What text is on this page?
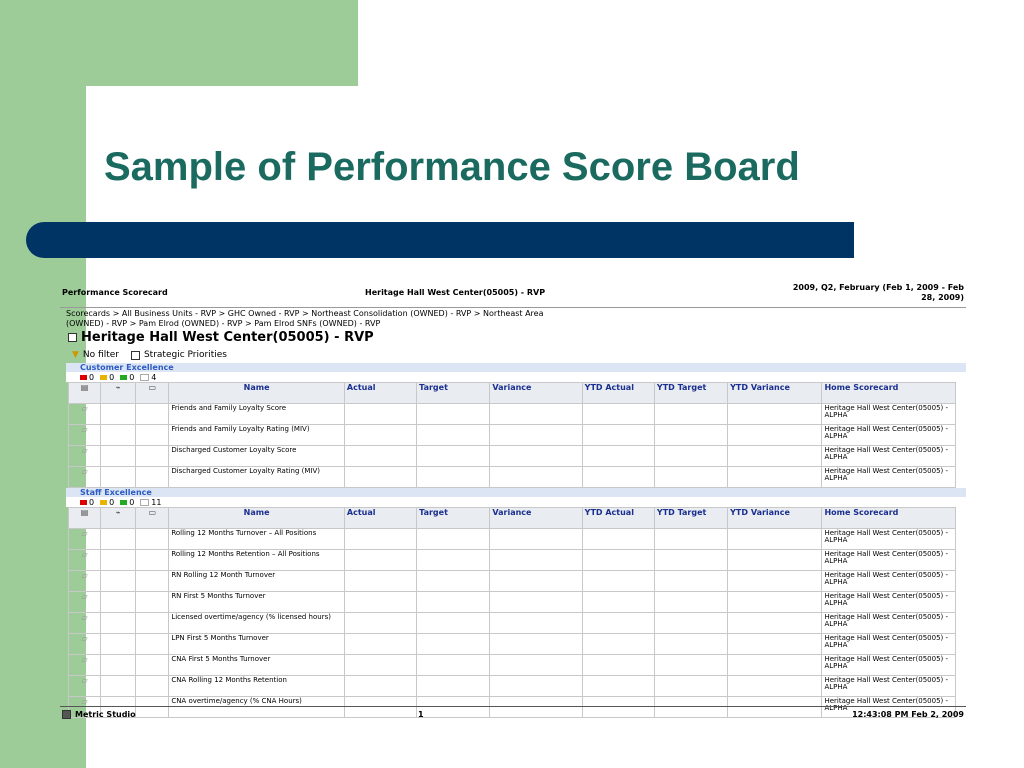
Sample of Performance Score Board
Performance Scorecard	Heritage Hall West Center(05005) - RVP
2009, Q2, February (Feb 1, 2009 - Feb
28, 2009)
Scorecards > All Business Units - RVP > GHC Owned - RVP > Northeast Consolidation (OWNED) - RVP > Northeast Area
(OWNED) - RVP > Pam Elrod (OWNED) - RVP > Pam Elrod SNFs (OWNED) - RVP
Heritage Hall West Center(05005) - RVP
▼ No filter	Strategic Priorities
Customer Excellence
0 0 0 4
▤	⌁	▭	Name	Actual	Target	Variance	YTD Actual	YTD Target	YTD Variance	Home Scorecard
▱			Friends and Family Loyalty Score							Heritage Hall West Center(05005) - ALPHA
▱			Friends and Family Loyalty Rating (MIV)							Heritage Hall West Center(05005) - ALPHA
▱			Discharged Customer Loyalty Score							Heritage Hall West Center(05005) - ALPHA
▱			Discharged Customer Loyalty Rating (MIV)							Heritage Hall West Center(05005) - ALPHA
Staff Excellence
0 0 0 11
▤	⌁	▭	Name	Actual	Target	Variance	YTD Actual	YTD Target	YTD Variance	Home Scorecard
▱			Rolling 12 Months Turnover – All Positions							Heritage Hall West Center(05005) - ALPHA
▱			Rolling 12 Months Retention – All Positions							Heritage Hall West Center(05005) - ALPHA
▱			RN Rolling 12 Month Turnover							Heritage Hall West Center(05005) - ALPHA
▱			RN First 5 Months Turnover							Heritage Hall West Center(05005) - ALPHA
▱			Licensed overtime/agency (% licensed hours)							Heritage Hall West Center(05005) - ALPHA
▱			LPN First 5 Months Turnover							Heritage Hall West Center(05005) - ALPHA
▱			CNA First 5 Months Turnover							Heritage Hall West Center(05005) - ALPHA
▱			CNA Rolling 12 Months Retention							Heritage Hall West Center(05005) - ALPHA
▱			CNA overtime/agency (% CNA Hours)							Heritage Hall West Center(05005) - ALPHA
Metric Studio	1	12:43:08 PM Feb 2, 2009
